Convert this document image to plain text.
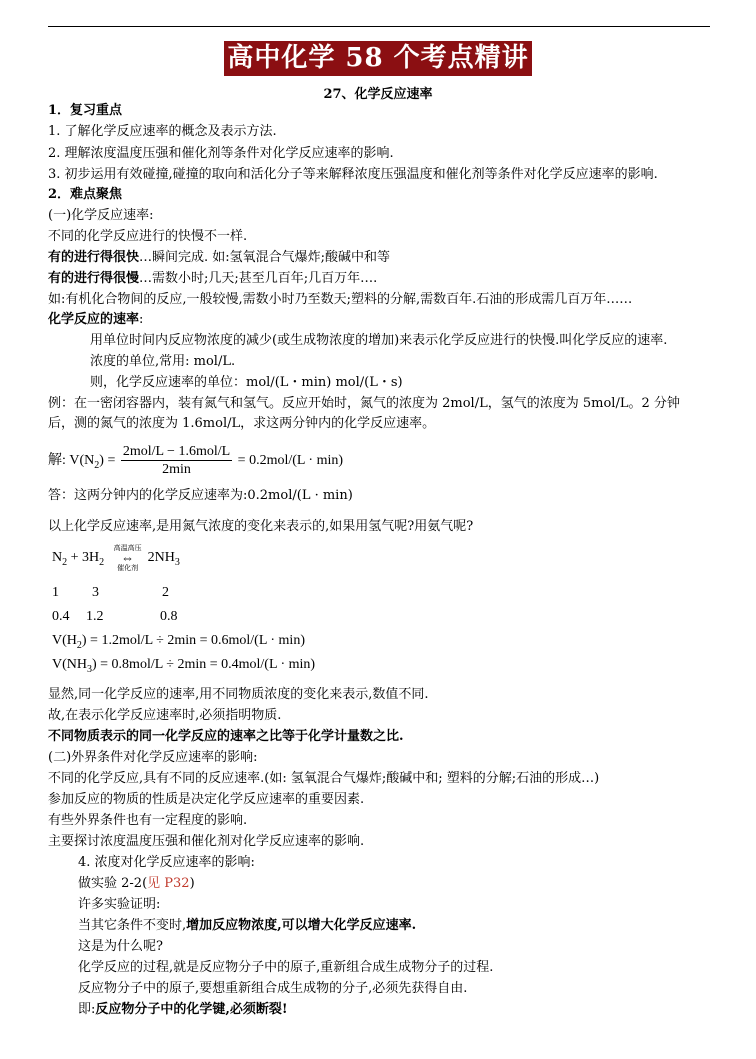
高中化学 58 个考点精讲
27、化学反应速率
1．复习重点
1. 了解化学反应速率的概念及表示方法.
2. 理解浓度温度压强和催化剂等条件对化学反应速率的影响.
3. 初步运用有效碰撞,碰撞的取向和活化分子等来解释浓度压强温度和催化剂等条件对化学反应速率的影响.
2．难点聚焦
(一)化学反应速率:
不同的化学反应进行的快慢不一样.
有的进行得很快…瞬间完成. 如:氢氧混合气爆炸;酸碱中和等
有的进行得很慢…需数小时;几天;甚至几百年;几百万年….
如:有机化合物间的反应,一般较慢,需数小时乃至数天;塑料的分解,需数百年.石油的形成需几百万年……
化学反应的速率:
用单位时间内反应物浓度的减少(或生成物浓度的增加)来表示化学反应进行的快慢.叫化学反应的速率.
浓度的单位,常用: mol/L.
则，化学反应速率的单位：mol/(L・min) mol/(L・s)
例：在一密闭容器内，装有氮气和氢气。反应开始时，氮气的浓度为 2mol/L，氢气的浓度为 5mol/L。2 分钟
后，测的氮气的浓度为 1.6mol/L，求这两分钟内的化学反应速率。
解: $V(N_2) = \frac{\text{2mol/L − 1.6mol/L}}{2\min} = 0.2mol/(L \cdot \min)$
答：这两分钟内的化学反应速率为:0.2mol/(L · min)
以上化学反应速率,是用氮气浓度的变化来表示的,如果用氢气呢?用氨气呢?
$N_2 + 3H_2$
高温高压
⇔
催化剂
$2NH_3$
1 3	2
0.4 1.2	0.8
$V(H_2) = 1.2mol/L \div 2\min = 0.6mol/(L \cdot \min)$
$V(NH_3) = 0.8mol/L \div 2\min = 0.4mol/(L \cdot \min)$
显然,同一化学反应的速率,用不同物质浓度的变化来表示,数值不同.
故,在表示化学反应速率时,必须指明物质.
不同物质表示的同一化学反应的速率之比等于化学计量数之比.
(二)外界条件对化学反应速率的影响:
不同的化学反应,具有不同的反应速率.(如: 氢氧混合气爆炸;酸碱中和; 塑料的分解;石油的形成…)
参加反应的物质的性质是决定化学反应速率的重要因素.
有些外界条件也有一定程度的影响.
主要探讨浓度温度压强和催化剂对化学反应速率的影响.
4. 浓度对化学反应速率的影响:
做实验 2-2(见 P32)
许多实验证明:
当其它条件不变时,增加反应物浓度,可以增大化学反应速率.
这是为什么呢?
化学反应的过程,就是反应物分子中的原子,重新组合成生成物分子的过程.
反应物分子中的原子,要想重新组合成生成物的分子,必须先获得自由.
即:反应物分子中的化学键,必须断裂!
